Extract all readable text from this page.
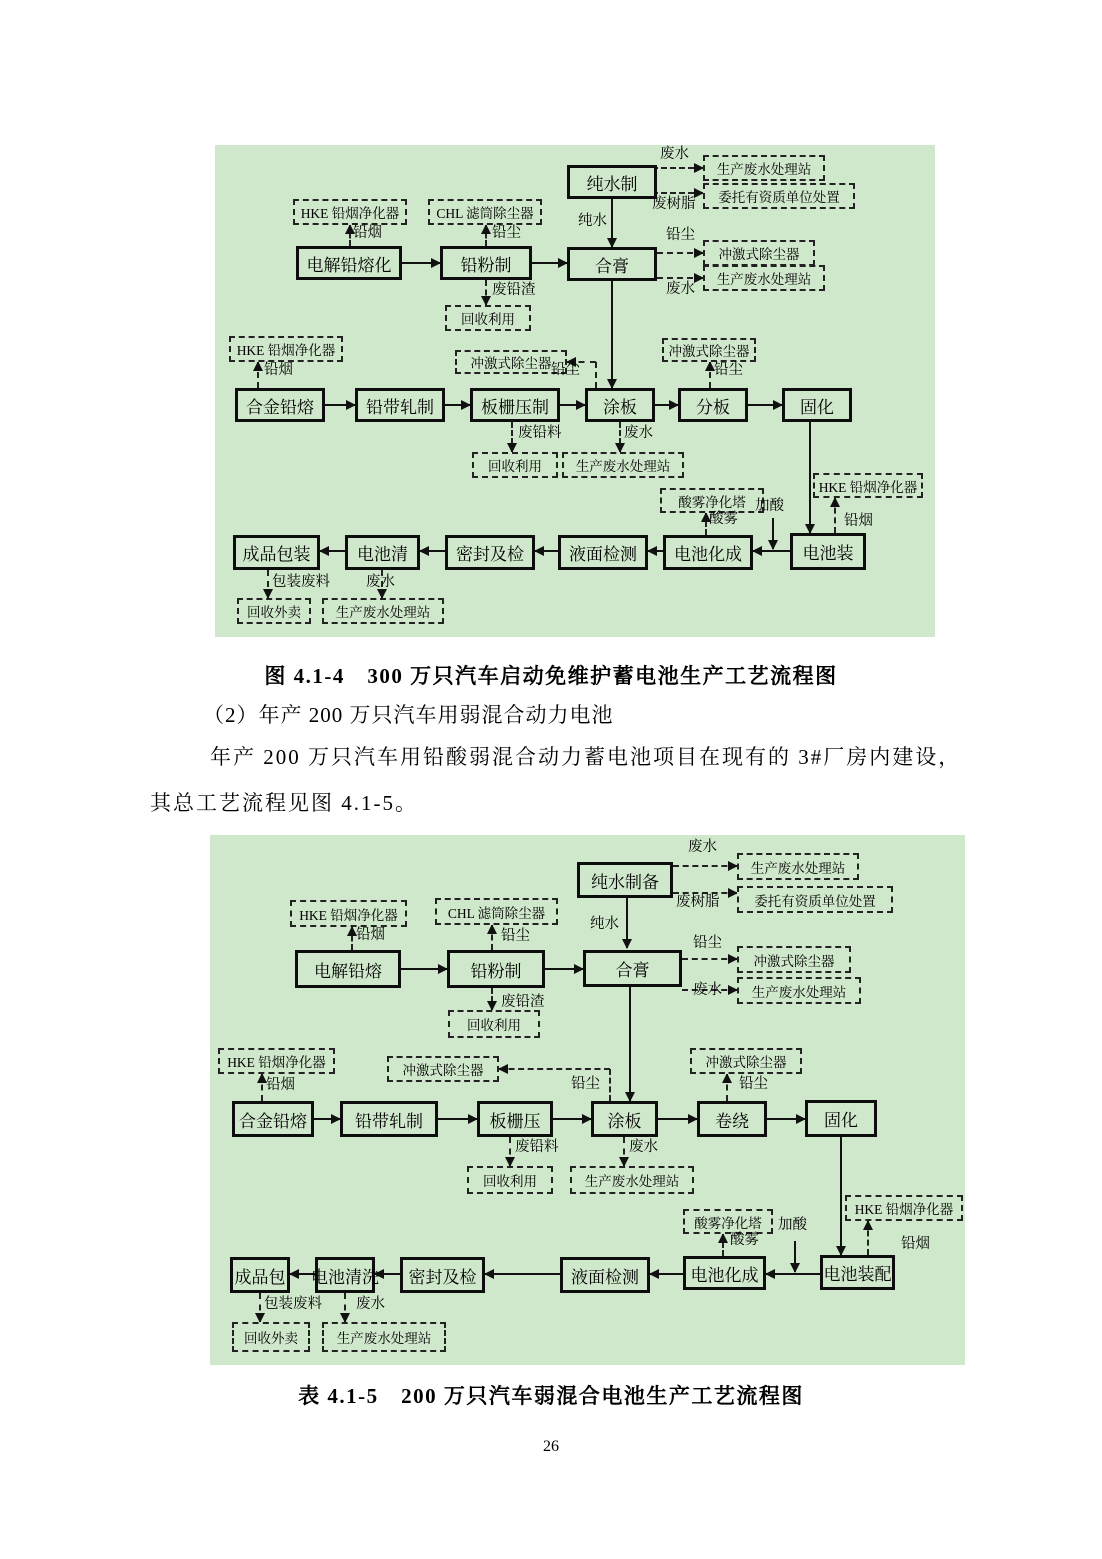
纯水制
电解铅熔化	铅粉制	合膏
合金铅熔	铅带轧制	板栅压制	涂板	分板	固化
成品包装	电池清	密封及检	液面检测	电池化成	电池装
HKE 铅烟净化器	CHL 滤筒除尘器
生产废水处理站
委托有资质单位处置
冲激式除尘器
生产废水处理站
回收利用
HKE 铅烟净化器
冲激式除尘器
冲激式除尘器
回收利用	生产废水处理站
HKE 铅烟净化器
酸雾净化塔
回收外卖	生产废水处理站
废水
废树脂
纯水
铅烟	铅尘	铅尘
废水
废铅渣
铅烟	铅尘	铅尘
废铅料	废水
铅烟
酸雾
加酸
包装废料 废水
纯水制备
电解铅熔	铅粉制	合膏
合金铅熔	铅带轧制	板栅压	涂板	卷绕	固化
成品包 电池清洗	密封及检	液面检测	电池化成	电池装配
生产废水处理站
委托有资质单位处置
HKE 铅烟净化器	CHL 滤筒除尘器
冲激式除尘器
生产废水处理站
回收利用
HKE 铅烟净化器
冲激式除尘器
冲激式除尘器
回收利用	生产废水处理站
HKE 铅烟净化器
酸雾净化塔
回收外卖	生产废水处理站
废水
废树脂
纯水
铅烟	铅尘	铅尘
废水
废铅渣
铅烟	铅尘	铅尘
废铅料	废水
铅烟
酸雾
加酸
包装废料 废水
图 4.1-4　300 万只汽车启动免维护蓄电池生产工艺流程图
（2）年产 200 万只汽车用弱混合动力电池
年产 200 万只汽车用铅酸弱混合动力蓄电池项目在现有的 3#厂房内建设，
其总工艺流程见图 4.1-5。
表 4.1-5　200 万只汽车弱混合电池生产工艺流程图
26
